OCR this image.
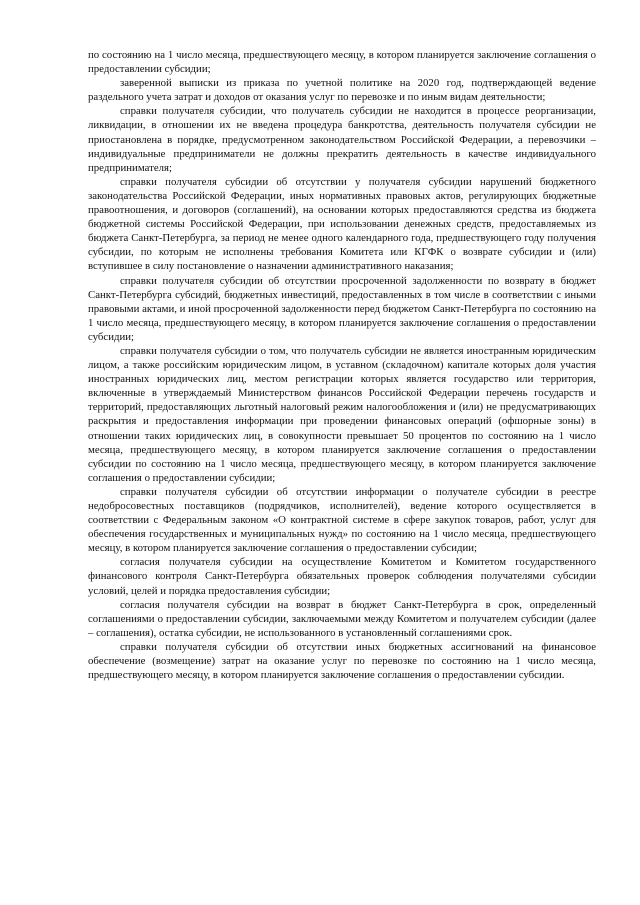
по состоянию на 1 число месяца, предшествующего месяцу, в котором планируется заключение соглашения о предоставлении субсидии;

заверенной выписки из приказа по учетной политике на 2020 год, подтверждающей ведение раздельного учета затрат и доходов от оказания услуг по перевозке и по иным видам деятельности;

справки получателя субсидии, что получатель субсидии не находится в процессе реорганизации, ликвидации, в отношении их не введена процедура банкротства, деятельность получателя субсидии не приостановлена в порядке, предусмотренном законодательством Российской Федерации, а перевозчики – индивидуальные предприниматели не должны прекратить деятельность в качестве индивидуального предпринимателя;

справки получателя субсидии об отсутствии у получателя субсидии нарушений бюджетного законодательства Российской Федерации, иных нормативных правовых актов, регулирующих бюджетные правоотношения, и договоров (соглашений), на основании которых предоставляются средства из бюджета бюджетной системы Российской Федерации, при использовании денежных средств, предоставляемых из бюджета Санкт-Петербурга, за период не менее одного календарного года, предшествующего году получения субсидии, по которым не исполнены требования Комитета или КГФК о возврате субсидии и (или) вступившее в силу постановление о назначении административного наказания;

справки получателя субсидии об отсутствии просроченной задолженности по возврату в бюджет Санкт-Петербурга субсидий, бюджетных инвестиций, предоставленных в том числе в соответствии с иными правовыми актами, и иной просроченной задолженности перед бюджетом Санкт-Петербурга по состоянию на 1 число месяца, предшествующего месяцу, в котором планируется заключение соглашения о предоставлении субсидии;

справки получателя субсидии о том, что получатель субсидии не является иностранным юридическим лицом, а также российским юридическим лицом, в уставном (складочном) капитале которых доля участия иностранных юридических лиц, местом регистрации которых является государство или территория, включенные в утверждаемый Министерством финансов Российской Федерации перечень государств и территорий, предоставляющих льготный налоговый режим налогообложения и (или) не предусматривающих раскрытия и предоставления информации при проведении финансовых операций (офшорные зоны) в отношении таких юридических лиц, в совокупности превышает 50 процентов по состоянию на 1 число месяца, предшествующего месяцу, в котором планируется заключение соглашения о предоставлении субсидии по состоянию на 1 число месяца, предшествующего месяцу, в котором планируется заключение соглашения о предоставлении субсидии;

справки получателя субсидии об отсутствии информации о получателе субсидии в реестре недобросовестных поставщиков (подрядчиков, исполнителей), ведение которого осуществляется в соответствии с Федеральным законом «О контрактной системе в сфере закупок товаров, работ, услуг для обеспечения государственных и муниципальных нужд» по состоянию на 1 число месяца, предшествующего месяцу, в котором планируется заключение соглашения о предоставлении субсидии;

согласия получателя субсидии на осуществление Комитетом и Комитетом государственного финансового контроля Санкт-Петербурга обязательных проверок соблюдения получателями субсидии условий, целей и порядка предоставления субсидии;

согласия получателя субсидии на возврат в бюджет Санкт-Петербурга в срок, определенный соглашениями о предоставлении субсидии, заключаемыми между Комитетом и получателем субсидии (далее – соглашения), остатка субсидии, не использованного в установленный соглашениями срок.

справки получателя субсидии об отсутствии иных бюджетных ассигнований на финансовое обеспечение (возмещение) затрат на оказание услуг по перевозке по состоянию на 1 число месяца, предшествующего месяцу, в котором планируется заключение соглашения о предоставлении субсидии.
